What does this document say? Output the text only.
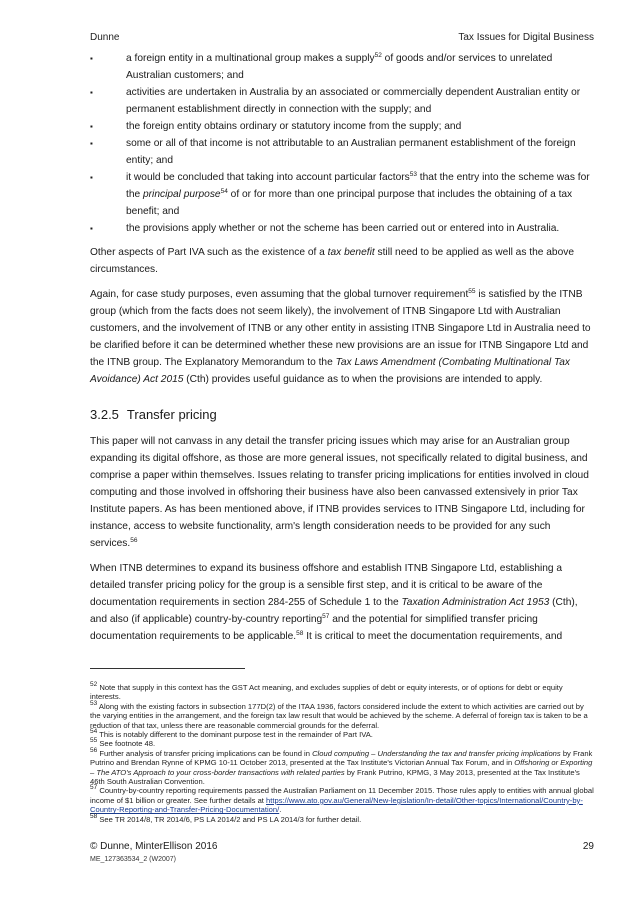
Dunne	Tax Issues for Digital Business
▪	a foreign entity in a multinational group makes a supply$^{52}$ of goods and/or services to unrelated Australian customers; and
▪	activities are undertaken in Australia by an associated or commercially dependent Australian entity or permanent establishment directly in connection with the supply; and
▪	the foreign entity obtains ordinary or statutory income from the supply; and
▪	some or all of that income is not attributable to an Australian permanent establishment of the foreign entity; and
▪	it would be concluded that taking into account particular factors$^{53}$ that the entry into the scheme was for the principal purpose$^{54}$ of or for more than one principal purpose that includes the obtaining of a tax benefit; and
▪	the provisions apply whether or not the scheme has been carried out or entered into in Australia.

Other aspects of Part IVA such as the existence of a tax benefit still need to be applied as well as the above circumstances.

Again, for case study purposes, even assuming that the global turnover requirement$^{55}$ is satisfied by the ITNB group (which from the facts does not seem likely), the involvement of ITNB Singapore Ltd with Australian customers, and the involvement of ITNB or any other entity in assisting ITNB Singapore Ltd in Australia need to be clarified before it can be determined whether these new provisions are an issue for ITNB Singapore Ltd and the ITNB group. The Explanatory Memorandum to the Tax Laws Amendment (Combating Multinational Tax Avoidance) Act 2015 (Cth) provides useful guidance as to when the provisions are intended to apply.

3.2.5 Transfer pricing

This paper will not canvass in any detail the transfer pricing issues which may arise for an Australian group expanding its digital offshore, as those are more general issues, not specifically related to digital business, and comprise a paper within themselves. Issues relating to transfer pricing implications for entities involved in cloud computing and those involved in offshoring their business have also been canvassed extensively in prior Tax Institute papers. As has been mentioned above, if ITNB provides services to ITNB Singapore Ltd, including for instance, access to website functionality, arm's length consideration needs to be provided for any such services.$^{56}$

When ITNB determines to expand its business offshore and establish ITNB Singapore Ltd, establishing a detailed transfer pricing policy for the group is a sensible first step, and it is critical to be aware of the documentation requirements in section 284-255 of Schedule 1 to the Taxation Administration Act 1953 (Cth), and also (if applicable) country-by-country reporting$^{57}$ and the potential for simplified transfer pricing documentation requirements to be applicable.$^{58}$ It is critical to meet the documentation requirements, and

$^{52}$ Note that supply in this context has the GST Act meaning, and excludes supplies of debt or equity interests, or of options for debt or equity interests.
$^{53}$ Along with the existing factors in subsection 177D(2) of the ITAA 1936, factors considered include the extent to which activities are carried out by the varying entities in the arrangement, and the foreign tax law result that would be achieved by the scheme. A deferral of foreign tax is taken to be a reduction of that tax, unless there are reasonable commercial grounds for the deferral.
$^{54}$ This is notably different to the dominant purpose test in the remainder of Part IVA.
$^{55}$ See footnote 48.
$^{56}$ Further analysis of transfer pricing implications can be found in Cloud computing – Understanding the tax and transfer pricing implications by Frank Putrino and Brendan Rynne of KPMG 10-11 October 2013, presented at the Tax Institute's Victorian Annual Tax Forum, and in Offshoring or Exporting – The ATO's Approach to your cross-border transactions with related parties by Frank Putrino, KPMG, 3 May 2013, presented at the Tax Institute's 46th South Australian Convention.
$^{57}$ Country-by-country reporting requirements passed the Australian Parliament on 11 December 2015. Those rules apply to entities with annual global income of $1 billion or greater. See further details at https://www.ato.gov.au/General/New-legislation/In-detail/Other-topics/International/Country-by-Country-Reporting-and-Transfer-Pricing-Documentation/.
$^{58}$ See TR 2014/8, TR 2014/6, PS LA 2014/2 and PS LA 2014/3 for further detail.
© Dunne, MinterEllison 2016	29
ME_127363534_2 (W2007)
